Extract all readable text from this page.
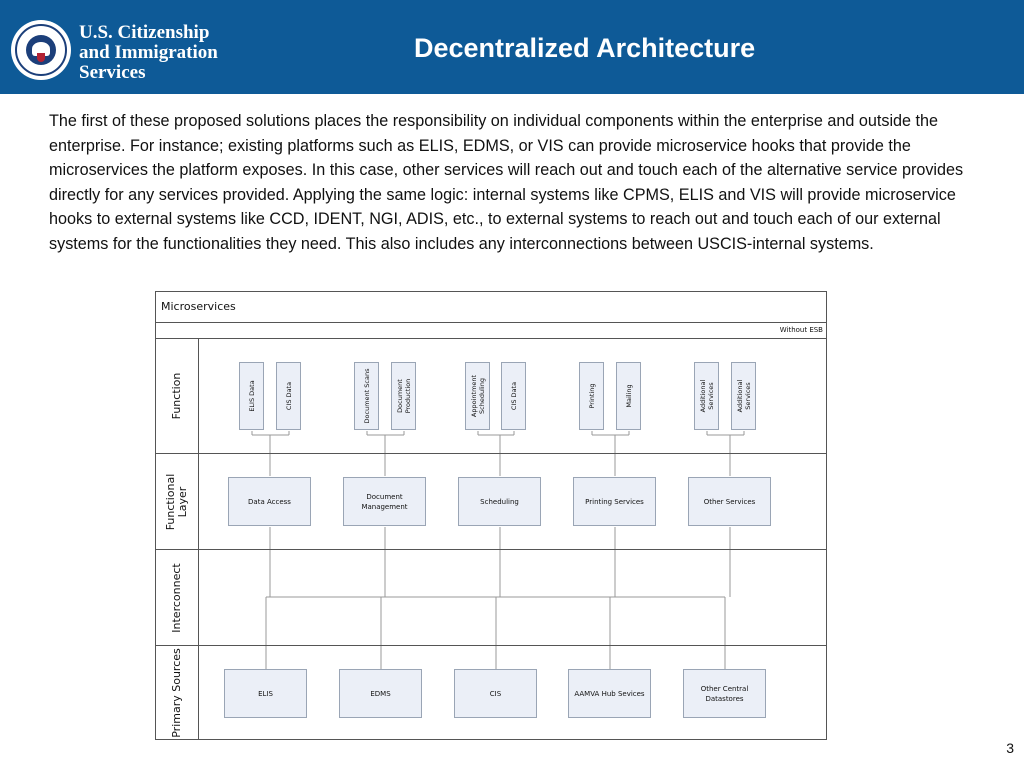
U.S. Citizenship
and Immigration
Services
Decentralized Architecture
The first of these proposed solutions places the responsibility on individual components within the enterprise and outside the enterprise. For instance; existing platforms such as ELIS, EDMS, or VIS can provide microservice hooks that provide the microservices the platform exposes. In this case, other services will reach out and touch each of the alternative service provides directly for any services provided. Applying the same logic: internal systems like CPMS, ELIS and VIS will provide microservice hooks to external systems like CCD, IDENT, NGI, ADIS, etc., to external systems to reach out and touch each of our external systems for the functionalities they need. This also includes any interconnections between USCIS-internal systems.
Microservices
Without ESB
Function
Functional Layer
Interconnect
Primary Sources
ELIS Data	CIS Data	Document Scans	Document Production	Appointment Scheduling	CIS Data	Printing	Mailing	Additional Services	Additional Services
Data Access
Document Management
Scheduling	Printing Services	Other Services
ELIS	EDMS	CIS	AAMVA Hub Sevices
Other Central Datastores
3
